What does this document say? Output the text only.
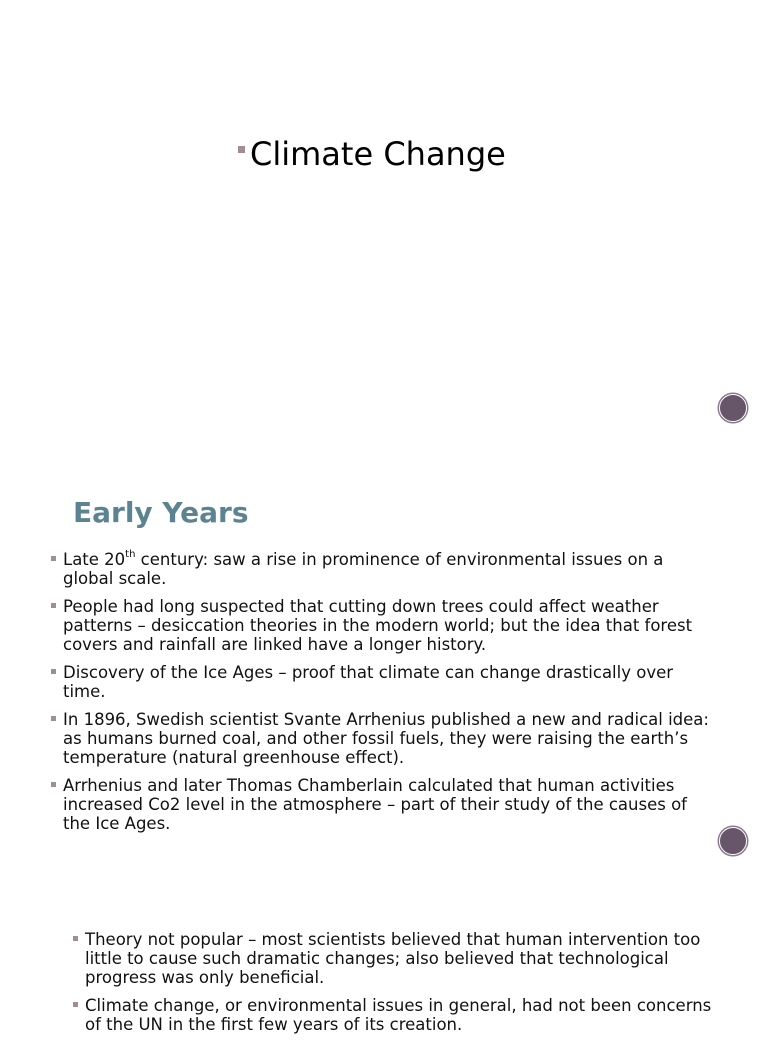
Climate Change
Early Years
Late 20th century: saw a rise in prominence of environmental issues on a global scale.
People had long suspected that cutting down trees could affect weather patterns – desiccation theories in the modern world; but the idea that forest covers and rainfall are linked have a longer history.
Discovery of the Ice Ages – proof that climate can change drastically over time.
In 1896, Swedish scientist Svante Arrhenius published a new and radical idea: as humans burned coal, and other fossil fuels, they were raising the earth’s temperature (natural greenhouse effect).
Arrhenius and later Thomas Chamberlain calculated that human activities increased Co2 level in the atmosphere – part of their study of the causes of the Ice Ages.
Theory not popular – most scientists believed that human intervention too little to cause such dramatic changes; also believed that technological progress was only beneficial.
Climate change, or environmental issues in general, had not been concerns of the UN in the first few years of its creation.
